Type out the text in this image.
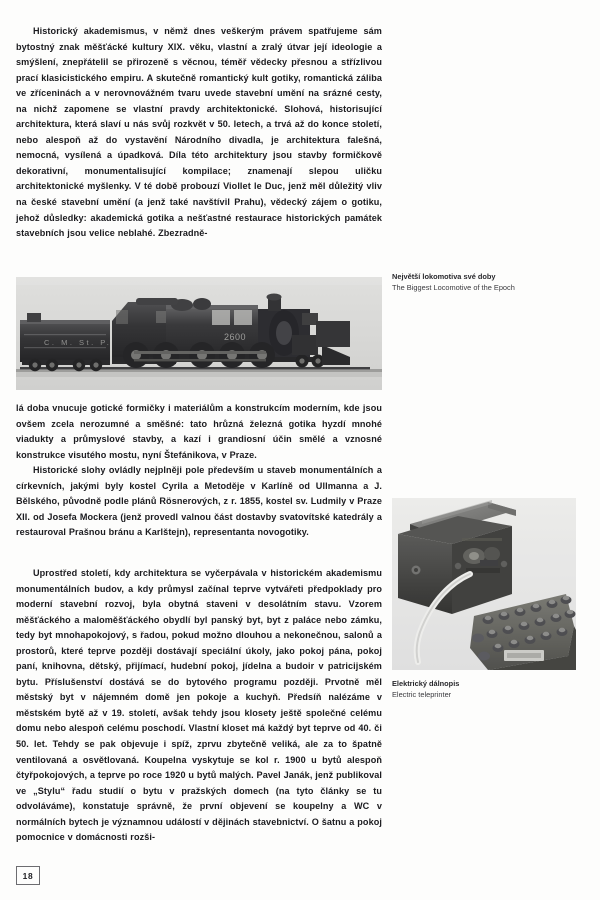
Historický akademismus, v němž dnes veškerým právem spatřujeme sám bytostný znak měšťácké kultury XIX. věku, vlastní a zralý útvar její ideologie a smýšlení, znepřátelil se přirozeně s věcnou, téměř vědecky přesnou a střízlivou prací klasicistického empiru. A skutečně romantický kult gotiky, romantická záliba ve zříceninách a v nerovnovážném tvaru uvede stavební umění na srázné cesty, na nichž zapomene se vlastní pravdy architektonické. Slohová, historisující architektura, která slaví u nás svůj rozkvět v 50. letech, a trvá až do konce století, nebo alespoň až do vystavění Národního divadla, je architektura falešná, nemocná, vysílená a úpadková. Díla této architektury jsou stavby formičkově dekorativní, monumentalisující kompilace; znamenají slepou uličku architektonické myšlenky. V té době probouzí Viollet le Duc, jenž měl důležitý vliv na české stavební umění (a jenž také navštívil Prahu), vědecký zájem o gotiku, jehož důsledky: akademická gotika a nešťastné restaurace historických památek stavebních jsou velice neblahé. Zbezradně-

C. M. St. P.
2600
Největší lokomotiva své doby
The Biggest Locomotive of the Epoch

lá doba vnucuje gotické formičky i materiálům a konstrukcím moderním, kde jsou ovšem zcela nerozumné a směšné: tato hrůzná železná gotika hyzdí mnohé viadukty a průmyslové stavby, a kazí i grandiosní účin smělé a vznosné konstrukce visutého mostu, nyní Štefánikova, v Praze.

Historické slohy ovládly nejplněji pole především u staveb monumentálních a církevních, jakými byly kostel Cyrila a Metoděje v Karlíně od Ullmanna a J. Bělského, původně podle plánů Rösnerových, z r. 1855, kostel sv. Ludmily v Praze XII. od Josefa Mockera (jenž provedl valnou část dostavby svatovítské katedrály a restauroval Prašnou bránu a Karlštejn), representanta novogotiky.

Elektrický dálnopis
Electric teleprinter

Uprostřed století, kdy architektura se vyčerpávala v historickém akademismu monumentálních budov, a kdy průmysl začínal teprve vytvářeti předpoklady pro moderní stavební rozvoj, byla obytná staveni v desolátním stavu. Vzorem měšťáckého a maloměšťáckého obydlí byl panský byt, byt z paláce nebo zámku, tedy byt mnohapokojový, s řadou, pokud možno dlouhou a nekonečnou, salonů a prostorů, které teprve později dostávají speciální úkoly, jako pokoj pána, pokoj paní, knihovna, dětský, přijímací, hudební pokoj, jídelna a budoir v patricijském bytu. Příslušenství dostává se do bytového programu později. Prvotně měl městský byt v nájemném domě jen pokoje a kuchyň. Předsíň nalézáme v městském bytě až v 19. století, avšak tehdy jsou klosety ještě společné celému domu nebo alespoň celému poschodí. Vlastní kloset má každý byt teprve od 40. či 50. let. Tehdy se pak objevuje i spíž, zprvu zbytečně veliká, ale za to špatně ventilovaná a osvětlovaná. Koupelna vyskytuje se kol r. 1900 u bytů alespoň čtyřpokojových, a teprve po roce 1920 u bytů malých. Pavel Janák, jenž publikoval ve „Stylu“ řadu studií o bytu v pražských domech (na tyto články se tu odvoláváme), konstatuje správně, že první objevení se koupelny a WC v normálních bytech je významnou událostí v dějinách stavebnictví. O šatnu a pokoj pomocnice v domácnosti rozši-

18
